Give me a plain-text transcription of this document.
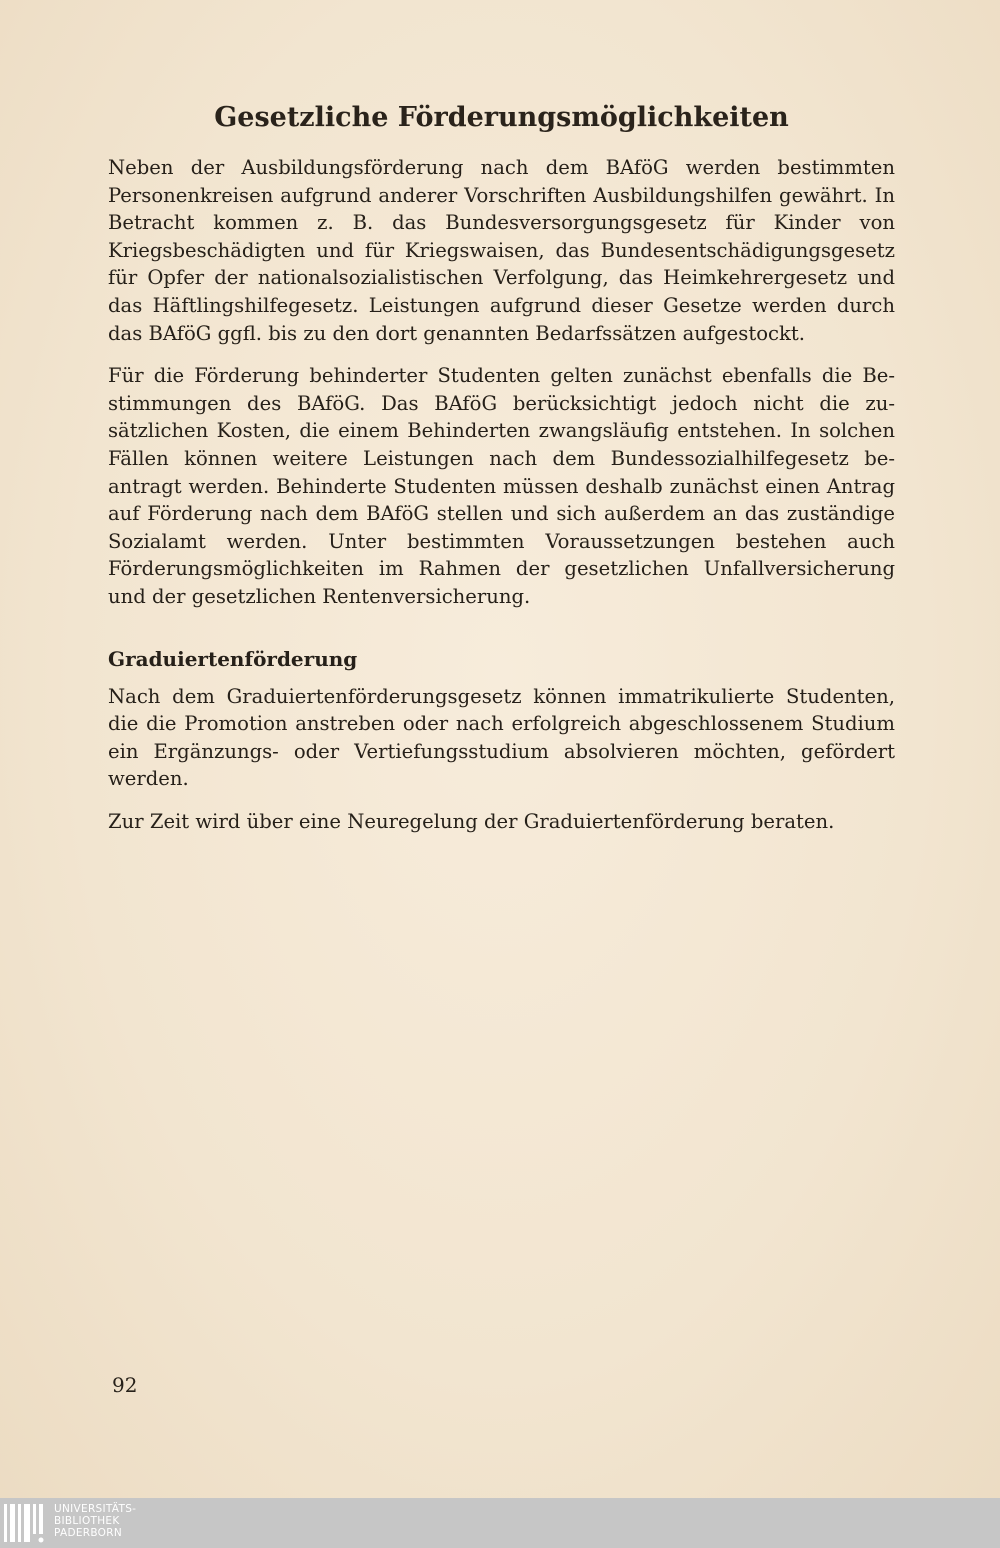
Gesetzliche Förderungsmöglichkeiten

Neben der Ausbildungsförderung nach dem BAföG werden bestimmten Personenkreisen aufgrund anderer Vorschriften Ausbildungshilfen gewährt. In Betracht kommen z. B. das Bundesversorgungsgesetz für Kinder von Kriegsbeschädigten und für Kriegswaisen, das Bundesentschädigungsgesetz für Opfer der nationalsozialistischen Verfolgung, das Heimkehrergesetz und das Häftlingshilfegesetz. Leistungen aufgrund dieser Gesetze werden durch das BAföG ggfl. bis zu den dort genannten Bedarfssätzen aufgestockt.

Für die Förderung behinderter Studenten gelten zunächst ebenfalls die Bestimmungen des BAföG. Das BAföG berücksichtigt jedoch nicht die zusätzlichen Kosten, die einem Behinderten zwangsläufig entstehen. In solchen Fällen können weitere Leistungen nach dem Bundessozialhilfegesetz beantragt werden. Behinderte Studenten müssen deshalb zunächst einen Antrag auf Förderung nach dem BAföG stellen und sich außerdem an das zuständige Sozialamt werden. Unter bestimmten Voraussetzungen bestehen auch Förderungsmöglichkeiten im Rahmen der gesetzlichen Unfallversicherung und der gesetzlichen Rentenversicherung.

Graduiertenförderung

Nach dem Graduiertenförderungsgesetz können immatrikulierte Studenten, die die Promotion anstreben oder nach erfolgreich abgeschlossenem Studium ein Ergänzungs- oder Vertiefungsstudium absolvieren möchten, gefördert werden.

Zur Zeit wird über eine Neuregelung der Graduiertenförderung beraten.

92
UNIVERSITÄTS-
BIBLIOTHEK
PADERBORN
